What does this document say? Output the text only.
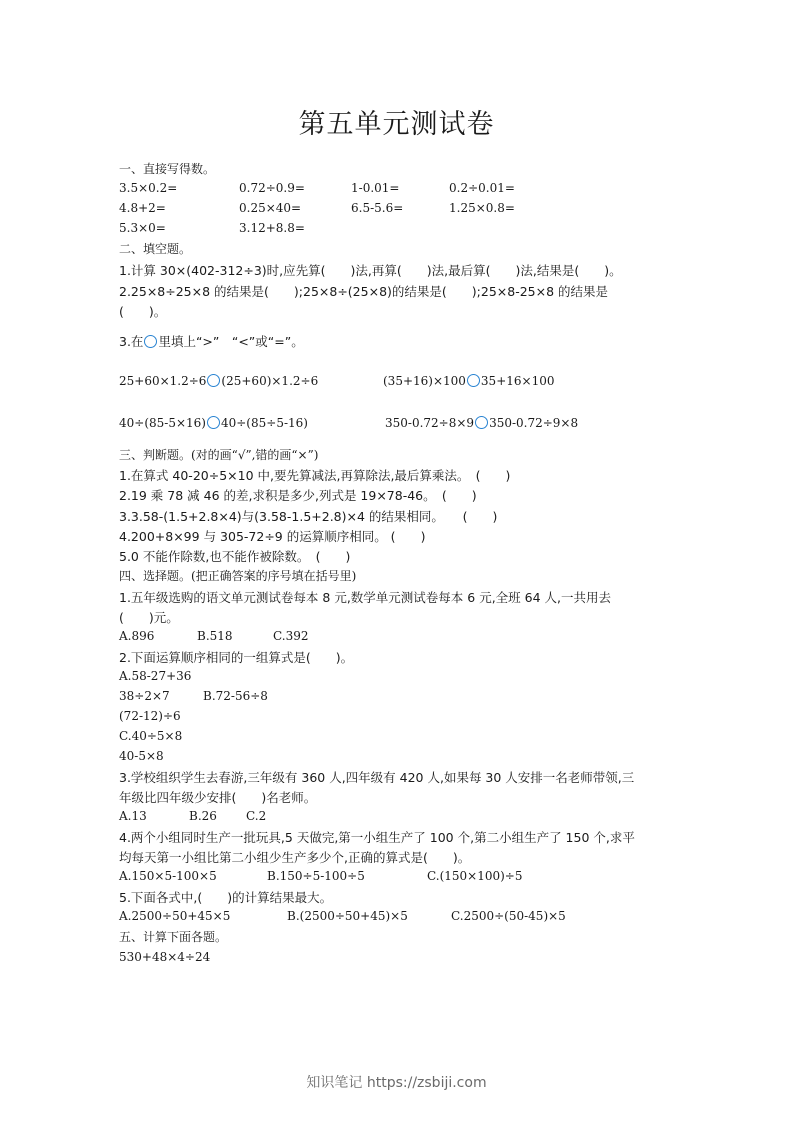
第五单元测试卷
一、直接写得数。
3.5×0.2=	0.72÷0.9=	1-0.01=	0.2÷0.01=
4.8+2=	0.25×40=	6.5-5.6=	1.25×0.8=
5.3×0=	3.12+8.8=
二、填空题。
1.计算 30×(402-312÷3)时,应先算(　　)法,再算(　　)法,最后算(　　)法,结果是(　　)。
2.25×8÷25×8 的结果是(　　);25×8÷(25×8)的结果是(　　);25×8-25×8 的结果是
(　　)。
3.在 里填上“>”　“<”或“=”。
25+60×1.2÷6 (25+60)×1.2÷6	(35+16)×100 35+16×100
40÷(85-5×16) 40÷(85÷5-16)	350-0.72÷8×9 350-0.72÷9×8
三、判断题。(对的画“√”,错的画“×”)
1.在算式 40-20÷5×10 中,要先算减法,再算除法,最后算乘法。　(　　)
2.19 乘 78 减 46 的差,求积是多少,列式是 19×78-46。　(　　)
3.3.58-(1.5+2.8×4)与(3.58-1.5+2.8)×4 的结果相同。　　(　　)
4.200+8×99 与 305-72÷9 的运算顺序相同。 (　　)
5.0 不能作除数,也不能作被除数。　(　　)
四、选择题。(把正确答案的序号填在括号里)
1.五年级选购的语文单元测试卷每本 8 元,数学单元测试卷每本 6 元,全班 64 人,一共用去
(　　)元。
A.896	B.518	C.392
2.下面运算顺序相同的一组算式是(　　)。
A.58-27+36
38÷2×7	B.72-56÷8
(72-12)÷6
C.40÷5×8
40-5×8
3.学校组织学生去春游,三年级有 360 人,四年级有 420 人,如果每 30 人安排一名老师带领,三
年级比四年级少安排(　　)名老师。
A.13	B.26 C.2
4.两个小组同时生产一批玩具,5 天做完,第一小组生产了 100 个,第二小组生产了 150 个,求平
均每天第一小组比第二小组少生产多少个,正确的算式是(　　)。
A.150×5-100×5	B.150÷5-100÷5	C.(150×100)÷5
5.下面各式中,(　　)的计算结果最大。
A.2500÷50+45×5	B.(2500÷50+45)×5	C.2500÷(50-45)×5
五、计算下面各题。
530+48×4÷24
知识笔记 https://zsbiji.com
